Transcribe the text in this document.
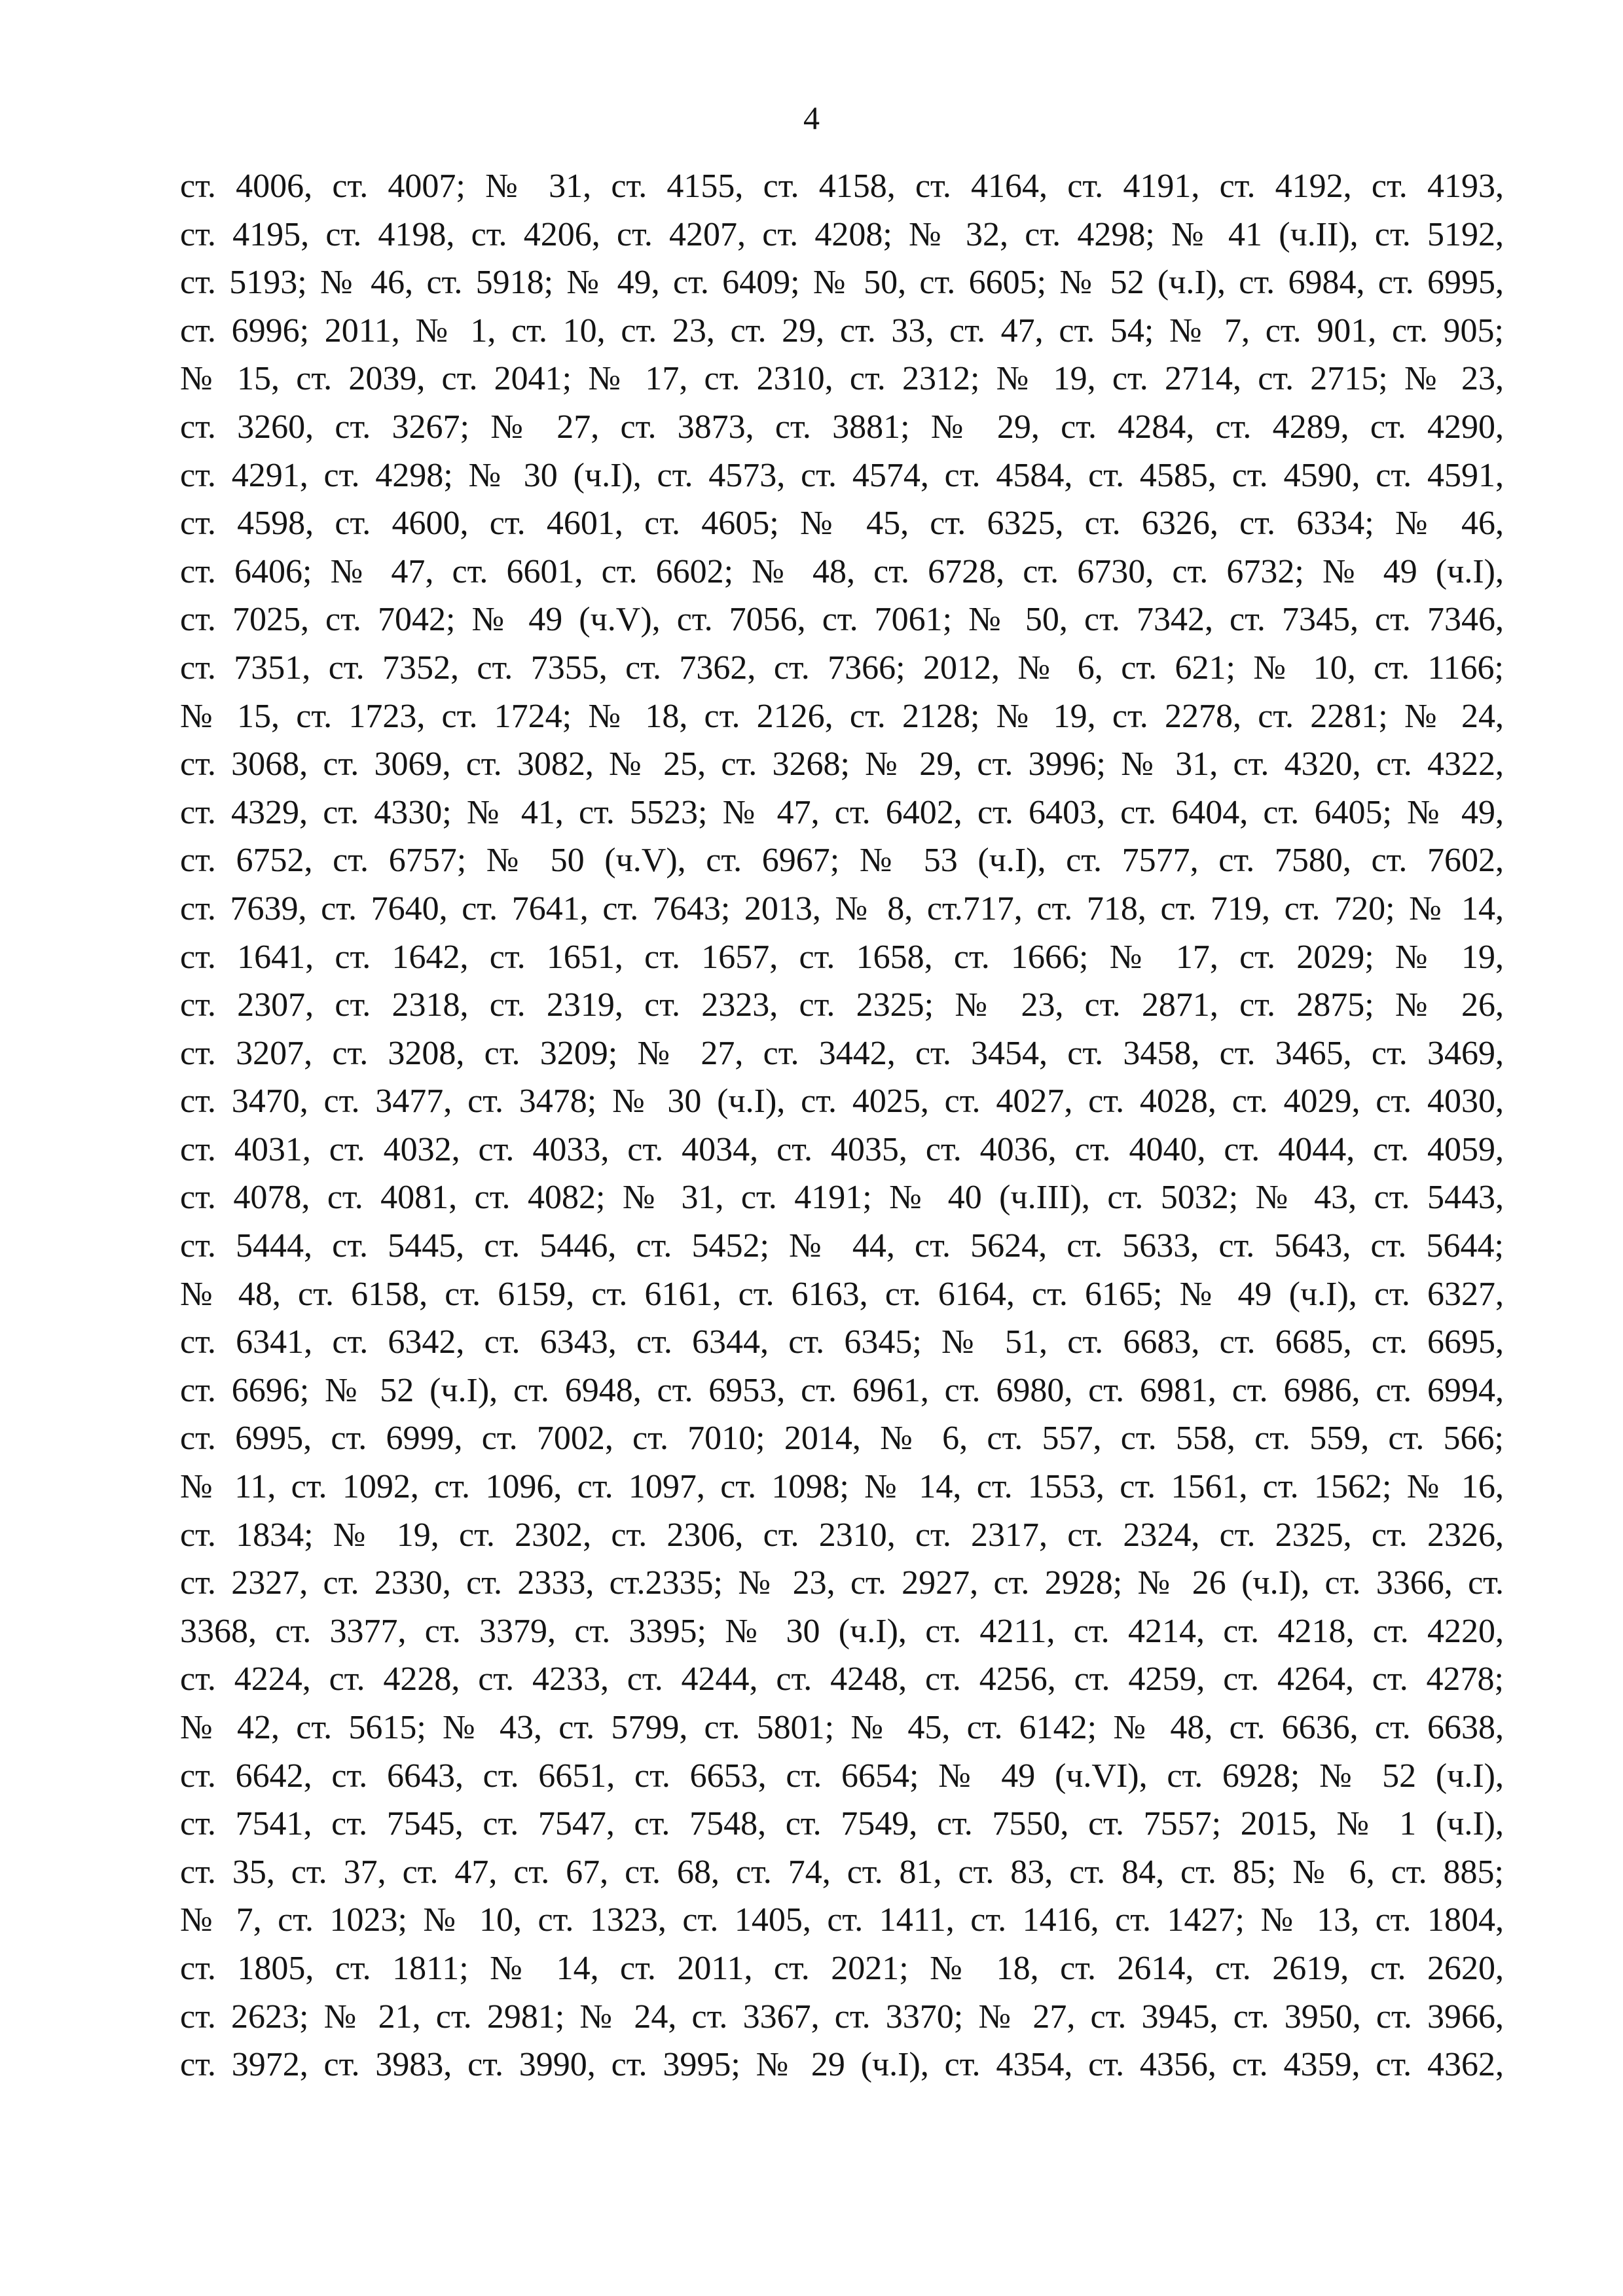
4
ст. 4006, ст. 4007; № 31, ст. 4155, ст. 4158, ст. 4164, ст. 4191, ст. 4192, ст. 4193,
ст. 4195, ст. 4198, ст. 4206, ст. 4207, ст. 4208; № 32, ст. 4298; № 41 (ч.II), ст. 5192,
ст. 5193; № 46, ст. 5918; № 49, ст. 6409; № 50, ст. 6605; № 52 (ч.I), ст. 6984, ст. 6995,
ст. 6996; 2011, № 1, ст. 10, ст. 23, ст. 29, ст. 33, ст. 47, ст. 54; № 7, ст. 901, ст. 905;
№ 15, ст. 2039, ст. 2041; № 17, ст. 2310, ст. 2312; № 19, ст. 2714, ст. 2715; № 23,
ст. 3260, ст. 3267; № 27, ст. 3873, ст. 3881; № 29, ст. 4284, ст. 4289, ст. 4290,
ст. 4291, ст. 4298; № 30 (ч.I), ст. 4573, ст. 4574, ст. 4584, ст. 4585, ст. 4590, ст. 4591,
ст. 4598, ст. 4600, ст. 4601, ст. 4605; № 45, ст. 6325, ст. 6326, ст. 6334; № 46,
ст. 6406; № 47, ст. 6601, ст. 6602; № 48, ст. 6728, ст. 6730, ст. 6732; № 49 (ч.I),
ст. 7025, ст. 7042; № 49 (ч.V), ст. 7056, ст. 7061; № 50, ст. 7342, ст. 7345, ст. 7346,
ст. 7351, ст. 7352, ст. 7355, ст. 7362, ст. 7366; 2012, № 6, ст. 621; № 10, ст. 1166;
№ 15, ст. 1723, ст. 1724; № 18, ст. 2126, ст. 2128; № 19, ст. 2278, ст. 2281; № 24,
ст. 3068, ст. 3069, ст. 3082, № 25, ст. 3268; № 29, ст. 3996; № 31, ст. 4320, ст. 4322,
ст. 4329, ст. 4330; № 41, ст. 5523; № 47, ст. 6402, ст. 6403, ст. 6404, ст. 6405; № 49,
ст. 6752, ст. 6757; № 50 (ч.V), ст. 6967; № 53 (ч.I), ст. 7577, ст. 7580, ст. 7602,
ст. 7639, ст. 7640, ст. 7641, ст. 7643; 2013, № 8, ст.717, ст. 718, ст. 719, ст. 720; № 14,
ст. 1641, ст. 1642, ст. 1651, ст. 1657, ст. 1658, ст. 1666; № 17, ст. 2029; № 19,
ст. 2307, ст. 2318, ст. 2319, ст. 2323, ст. 2325; № 23, ст. 2871, ст. 2875; № 26,
ст. 3207, ст. 3208, ст. 3209; № 27, ст. 3442, ст. 3454, ст. 3458, ст. 3465, ст. 3469,
ст. 3470, ст. 3477, ст. 3478; № 30 (ч.I), ст. 4025, ст. 4027, ст. 4028, ст. 4029, ст. 4030,
ст. 4031, ст. 4032, ст. 4033, ст. 4034, ст. 4035, ст. 4036, ст. 4040, ст. 4044, ст. 4059,
ст. 4078, ст. 4081, ст. 4082; № 31, ст. 4191; № 40 (ч.III), ст. 5032; № 43, ст. 5443,
ст. 5444, ст. 5445, ст. 5446, ст. 5452; № 44, ст. 5624, ст. 5633, ст. 5643, ст. 5644;
№ 48, ст. 6158, ст. 6159, ст. 6161, ст. 6163, ст. 6164, ст. 6165; № 49 (ч.I), ст. 6327,
ст. 6341, ст. 6342, ст. 6343, ст. 6344, ст. 6345; № 51, ст. 6683, ст. 6685, ст. 6695,
ст. 6696; № 52 (ч.I), ст. 6948, ст. 6953, ст. 6961, ст. 6980, ст. 6981, ст. 6986, ст. 6994,
ст. 6995, ст. 6999, ст. 7002, ст. 7010; 2014, № 6, ст. 557, ст. 558, ст. 559, ст. 566;
№ 11, ст. 1092, ст. 1096, ст. 1097, ст. 1098; № 14, ст. 1553, ст. 1561, ст. 1562; № 16,
ст. 1834; № 19, ст. 2302, ст. 2306, ст. 2310, ст. 2317, ст. 2324, ст. 2325, ст. 2326,
ст. 2327, ст. 2330, ст. 2333, ст.2335; № 23, ст. 2927, ст. 2928; № 26 (ч.I), ст. 3366, ст.
3368, ст. 3377, ст. 3379, ст. 3395; № 30 (ч.I), ст. 4211, ст. 4214, ст. 4218, ст. 4220,
ст. 4224, ст. 4228, ст. 4233, ст. 4244, ст. 4248, ст. 4256, ст. 4259, ст. 4264, ст. 4278;
№ 42, ст. 5615; № 43, ст. 5799, ст. 5801; № 45, ст. 6142; № 48, ст. 6636, ст. 6638,
ст. 6642, ст. 6643, ст. 6651, ст. 6653, ст. 6654; № 49 (ч.VI), ст. 6928; № 52 (ч.I),
ст. 7541, ст. 7545, ст. 7547, ст. 7548, ст. 7549, ст. 7550, ст. 7557; 2015, № 1 (ч.I),
ст. 35, ст. 37, ст. 47, ст. 67, ст. 68, ст. 74, ст. 81, ст. 83, ст. 84, ст. 85; № 6, ст. 885;
№ 7, ст. 1023; № 10, ст. 1323, ст. 1405, ст. 1411, ст. 1416, ст. 1427; № 13, ст. 1804,
ст. 1805, ст. 1811; № 14, ст. 2011, ст. 2021; № 18, ст. 2614, ст. 2619, ст. 2620,
ст. 2623; № 21, ст. 2981; № 24, ст. 3367, ст. 3370; № 27, ст. 3945, ст. 3950, ст. 3966,
ст. 3972, ст. 3983, ст. 3990, ст. 3995; № 29 (ч.I), ст. 4354, ст. 4356, ст. 4359, ст. 4362,
